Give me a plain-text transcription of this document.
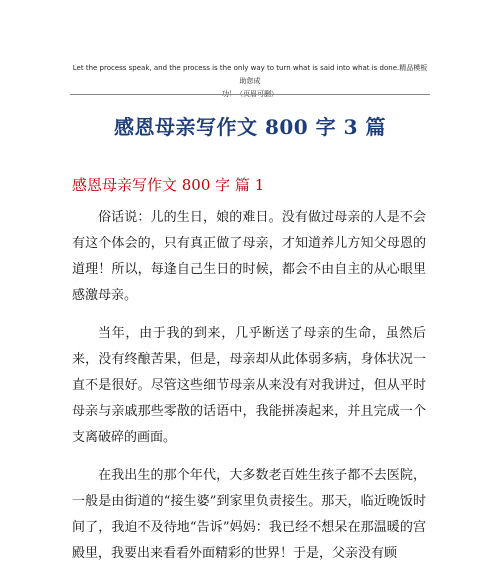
Let the process speak, and the process is the only way to turn what is said into what is done.精品模板　助您成
功！（页眉可删）
感恩母亲写作文 800 字 3 篇
感恩母亲写作文 800 字 篇 1

俗话说：儿的生日，娘的难日。没有做过母亲的人是不会有这个体会的，只有真正做了母亲，才知道养儿方知父母恩的道理！所以，每逢自己生日的时候，都会不由自主的从心眼里感激母亲。

当年，由于我的到来，几乎断送了母亲的生命，虽然后来，没有终酿苦果，但是，母亲却从此体弱多病，身体状况一直不是很好。尽管这些细节母亲从来没有对我讲过，但从平时母亲与亲戚那些零散的话语中，我能拼凑起来，并且完成一个支离破碎的画面。

在我出生的那个年代，大多数老百姓生孩子都不去医院，一般是由街道的“接生婆”到家里负责接生。那天，临近晚饭时间了，我迫不及待地“告诉”妈妈：我已经不想呆在那温暖的宫殿里，我要出来看看外面精彩的世界！于是，父亲没有顾
